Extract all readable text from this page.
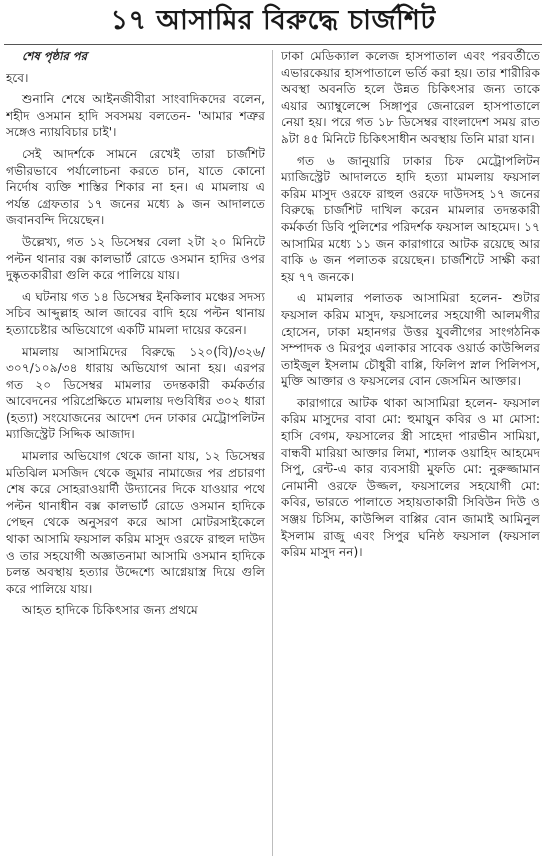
১৭ আসামির বিরুদ্ধে চার্জশিট

শেষ পৃষ্ঠার পর

হবে।

শুনানি শেষে আইনজীবীরা সাংবাদিকদের বলেন, শহীদ ওসমান হাদি সবসময় বলতেন- 'আমার শত্রুর সঙ্গেও ন্যায়বিচার চাই'।

সেই আদর্শকে সামনে রেখেই তারা চার্জশিট গভীরভাবে পর্যালোচনা করতে চান, যাতে কোনো নির্দোষ ব্যক্তি শাস্তির শিকার না হন। এ মামলায় এ পর্যন্ত গ্রেফতার ১৭ জনের মধ্যে ৯ জন আদালতে জবানবন্দি দিয়েছেন।

উল্লেখ্য, গত ১২ ডিসেম্বর বেলা ২টা ২০ মিনিটে পল্টন থানার বক্স কালভার্ট রোডে ওসমান হাদির ওপর দুষ্কৃতকারীরা গুলি করে পালিয়ে যায়।

এ ঘটনায় গত ১৪ ডিসেম্বর ইনকিলাব মঞ্চের সদস্য সচিব আব্দুল্লাহ আল জাবের বাদি হয়ে পল্টন থানায় হত্যাচেষ্টার অভিযোগে একটি মামলা দায়ের করেন।

মামলায় আসামিদের বিরুদ্ধে ১২০(বি)/৩২৬/ ৩০৭/১০৯/৩৪ ধারায় অভিযোগ আনা হয়। এরপর গত ২০ ডিসেম্বর মামলার তদন্তকারী কর্মকর্তার আবেদনের পরিপ্রেক্ষিতে মামলায় দণ্ডবিধির ৩০২ ধারা (হত্যা) সংযোজনের আদেশ দেন ঢাকার মেট্রোপলিটন ম্যাজিস্ট্রেট সিদ্দিক আজাদ।

মামলার অভিযোগ থেকে জানা যায়, ১২ ডিসেম্বর মতিঝিল মসজিদ থেকে জুমার নামাজের পর প্রচারণা শেষ করে সোহরাওয়ার্দী উদ্যানের দিকে যাওয়ার পথে পল্টন থানাধীন বক্স কালভার্ট রোডে ওসমান হাদিকে পেছন থেকে অনুসরণ করে আসা মোটরসাইকেলে থাকা আসামি ফয়সাল করিম মাসুদ ওরফে রাহুল দাউদ ও তার সহযোগী অজ্ঞাতনামা আসামি ওসমান হাদিকে চলন্ত অবস্থায় হত্যার উদ্দেশ্যে আগ্নেয়াস্ত্র দিয়ে গুলি করে পালিয়ে যায়।

আহত হাদিকে চিকিৎসার জন্য প্রথমে

ঢাকা মেডিক্যাল কলেজ হাসপাতাল এবং পরবর্তীতে এভারকেয়ার হাসপাতালে ভর্তি করা হয়। তার শারীরিক অবস্থা অবনতি হলে উন্নত চিকিৎসার জন্য তাকে এয়ার অ্যাম্বুলেন্সে সিঙ্গাপুর জেনারেল হাসপাতালে নেয়া হয়। পরে গত ১৮ ডিসেম্বর বাংলাদেশ সময় রাত ৯টা ৪৫ মিনিটে চিকিৎসাধীন অবস্থায় তিনি মারা যান।

গত ৬ জানুয়ারি ঢাকার চিফ মেট্রোপলিটন ম্যাজিস্ট্রেট আদালতে হাদি হত্যা মামলায় ফয়সাল করিম মাসুদ ওরফে রাহুল ওরফে দাউদসহ ১৭ জনের বিরুদ্ধে চার্জশিট দাখিল করেন মামলার তদন্তকারী কর্মকর্তা ডিবি পুলিশের পরিদর্শক ফয়সাল আহমেদ। ১৭ আসামির মধ্যে ১১ জন কারাগারে আটক রয়েছে আর বাকি ৬ জন পলাতক রয়েছেন। চার্জশিটে সাক্ষী করা হয় ৭৭ জনকে।

এ মামলার পলাতক আসামিরা হলেন- শুটার ফয়সাল করিম মাসুদ, ফয়সালের সহযোগী আলমগীর হোসেন, ঢাকা মহানগর উত্তর যুবলীগের সাংগঠনিক সম্পাদক ও মিরপুর এলাকার সাবেক ওয়ার্ড কাউন্সিলর তাইজুল ইসলাম চৌধুরী বাপ্পি, ফিলিপ স্নাল পিলিপস, মুক্তি আক্তার ও ফয়সলের বোন জেসমিন আক্তার।

কারাগারে আটক থাকা আসামিরা হলেন- ফয়সাল করিম মাসুদের বাবা মো: হুমায়ুন কবির ও মা মোসা: হাসি বেগম, ফয়সালের স্ত্রী সাহেদা পারভীন সামিয়া, বান্ধবী মারিয়া আক্তার লিমা, শ্যালক ওয়াহিদ আহমেদ সিপু, রেন্ট-এ কার ব্যবসায়ী মুফতি মো: নুরুজ্জামান নোমানী ওরফে উজ্জল, ফয়সালের সহযোগী মো: কবির, ভারতে পালাতে সহায়তাকারী সিবিউন দিউ ও সঞ্জয় চিসিম, কাউন্সিল বাপ্পির বোন জামাই আমিনুল ইসলাম রাজু এবং সিপুর ঘনিষ্ঠ ফয়সাল (ফয়সাল করিম মাসুদ নন)।
